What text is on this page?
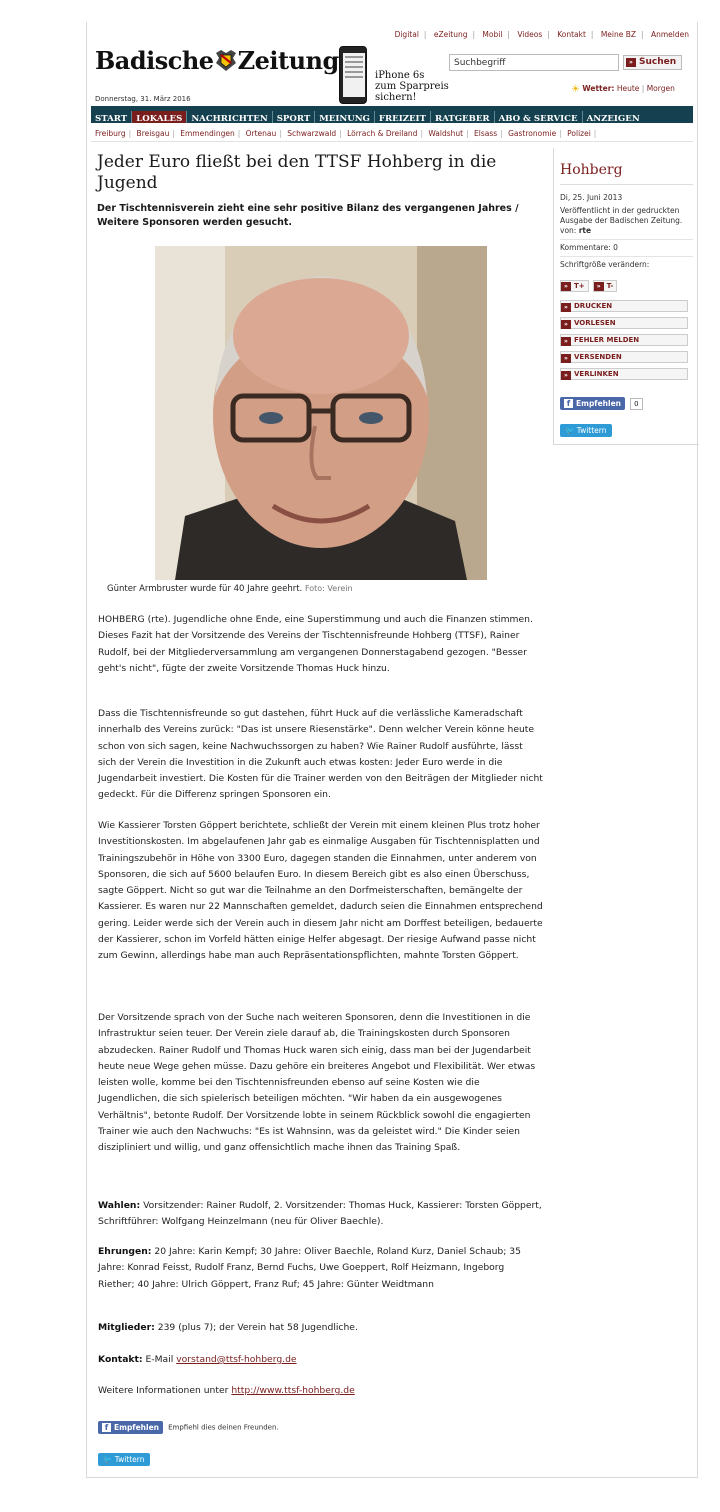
Digital | eZeitung | Mobil | Videos | Kontakt | Meine BZ | Anmelden
Badische Zeitung
Donnerstag, 31. März 2016
iPhone 6s
zum Sparpreis
sichern!
Suchbegriff
» Suchen
☀ Wetter: Heute | Morgen
START LOKALES NACHRICHTEN SPORT MEINUNG FREIZEIT RATGEBER ABO & SERVICE ANZEIGEN
Freiburg | Breisgau | Emmendingen | Ortenau | Schwarzwald | Lörrach & Dreiland | Waldshut | Elsass | Gastronomie | Polizei |
Jeder Euro fließt bei den TTSF Hohberg in die Jugend

Der Tischtennisverein zieht eine sehr positive Bilanz des vergangenen Jahres / Weitere Sponsoren werden gesucht.

Günter Armbruster wurde für 40 Jahre geehrt. Foto: Verein

HOHBERG (rte). Jugendliche ohne Ende, eine Superstimmung und auch die Finanzen stimmen. Dieses Fazit hat der Vorsitzende des Vereins der Tischtennisfreunde Hohberg (TTSF), Rainer Rudolf, bei der Mitgliederversammlung am vergangenen Donnerstagabend gezogen. "Besser geht's nicht", fügte der zweite Vorsitzende Thomas Huck hinzu.

Dass die Tischtennisfreunde so gut dastehen, führt Huck auf die verlässliche Kameradschaft innerhalb des Vereins zurück: "Das ist unsere Riesenstärke". Denn welcher Verein könne heute schon von sich sagen, keine Nachwuchssorgen zu haben? Wie Rainer Rudolf ausführte, lässt sich der Verein die Investition in die Zukunft auch etwas kosten: Jeder Euro werde in die Jugendarbeit investiert. Die Kosten für die Trainer werden von den Beiträgen der Mitglieder nicht gedeckt. Für die Differenz springen Sponsoren ein.

Wie Kassierer Torsten Göppert berichtete, schließt der Verein mit einem kleinen Plus trotz hoher Investitionskosten. Im abgelaufenen Jahr gab es einmalige Ausgaben für Tischtennisplatten und Trainingszubehör in Höhe von 3300 Euro, dagegen standen die Einnahmen, unter anderem von Sponsoren, die sich auf 5600 belaufen Euro. In diesem Bereich gibt es also einen Überschuss, sagte Göppert. Nicht so gut war die Teilnahme an den Dorfmeisterschaften, bemängelte der Kassierer. Es waren nur 22 Mannschaften gemeldet, dadurch seien die Einnahmen entsprechend gering. Leider werde sich der Verein auch in diesem Jahr nicht am Dorffest beteiligen, bedauerte der Kassierer, schon im Vorfeld hätten einige Helfer abgesagt. Der riesige Aufwand passe nicht zum Gewinn, allerdings habe man auch Repräsentationspflichten, mahnte Torsten Göppert.

Der Vorsitzende sprach von der Suche nach weiteren Sponsoren, denn die Investitionen in die Infrastruktur seien teuer. Der Verein ziele darauf ab, die Trainingskosten durch Sponsoren abzudecken. Rainer Rudolf und Thomas Huck waren sich einig, dass man bei der Jugendarbeit heute neue Wege gehen müsse. Dazu gehöre ein breiteres Angebot und Flexibilität. Wer etwas leisten wolle, komme bei den Tischtennisfreunden ebenso auf seine Kosten wie die Jugendlichen, die sich spielerisch beteiligen möchten. "Wir haben da ein ausgewogenes Verhältnis", betonte Rudolf. Der Vorsitzende lobte in seinem Rückblick sowohl die engagierten Trainer wie auch den Nachwuchs: "Es ist Wahnsinn, was da geleistet wird." Die Kinder seien diszipliniert und willig, und ganz offensichtlich mache ihnen das Training Spaß.

Wahlen: Vorsitzender: Rainer Rudolf, 2. Vorsitzender: Thomas Huck, Kassierer: Torsten Göppert, Schriftführer: Wolfgang Heinzelmann (neu für Oliver Baechle).

Ehrungen: 20 Jahre: Karin Kempf; 30 Jahre: Oliver Baechle, Roland Kurz, Daniel Schaub; 35 Jahre: Konrad Feisst, Rudolf Franz, Bernd Fuchs, Uwe Goeppert, Rolf Heizmann, Ingeborg Riether; 40 Jahre: Ulrich Göppert, Franz Ruf; 45 Jahre: Günter Weidtmann

Mitglieder: 239 (plus 7); der Verein hat 58 Jugendliche.

Kontakt: E-Mail vorstand@ttsf-hohberg.de

Weitere Informationen unter http://www.ttsf-hohberg.de

f Empfehlen Empfiehl dies deinen Freunden.
🐦 Twittern
Hohberg
Di, 25. Juni 2013
Veröffentlicht in der gedruckten Ausgabe der Badischen Zeitung.
von: rte
Kommentare: 0
Schriftgröße verändern:
» T+ » T-
» DRUCKEN
» VORLESEN
» FEHLER MELDEN
» VERSENDEN
» VERLINKEN
f Empfehlen 0
🐦 Twittern
